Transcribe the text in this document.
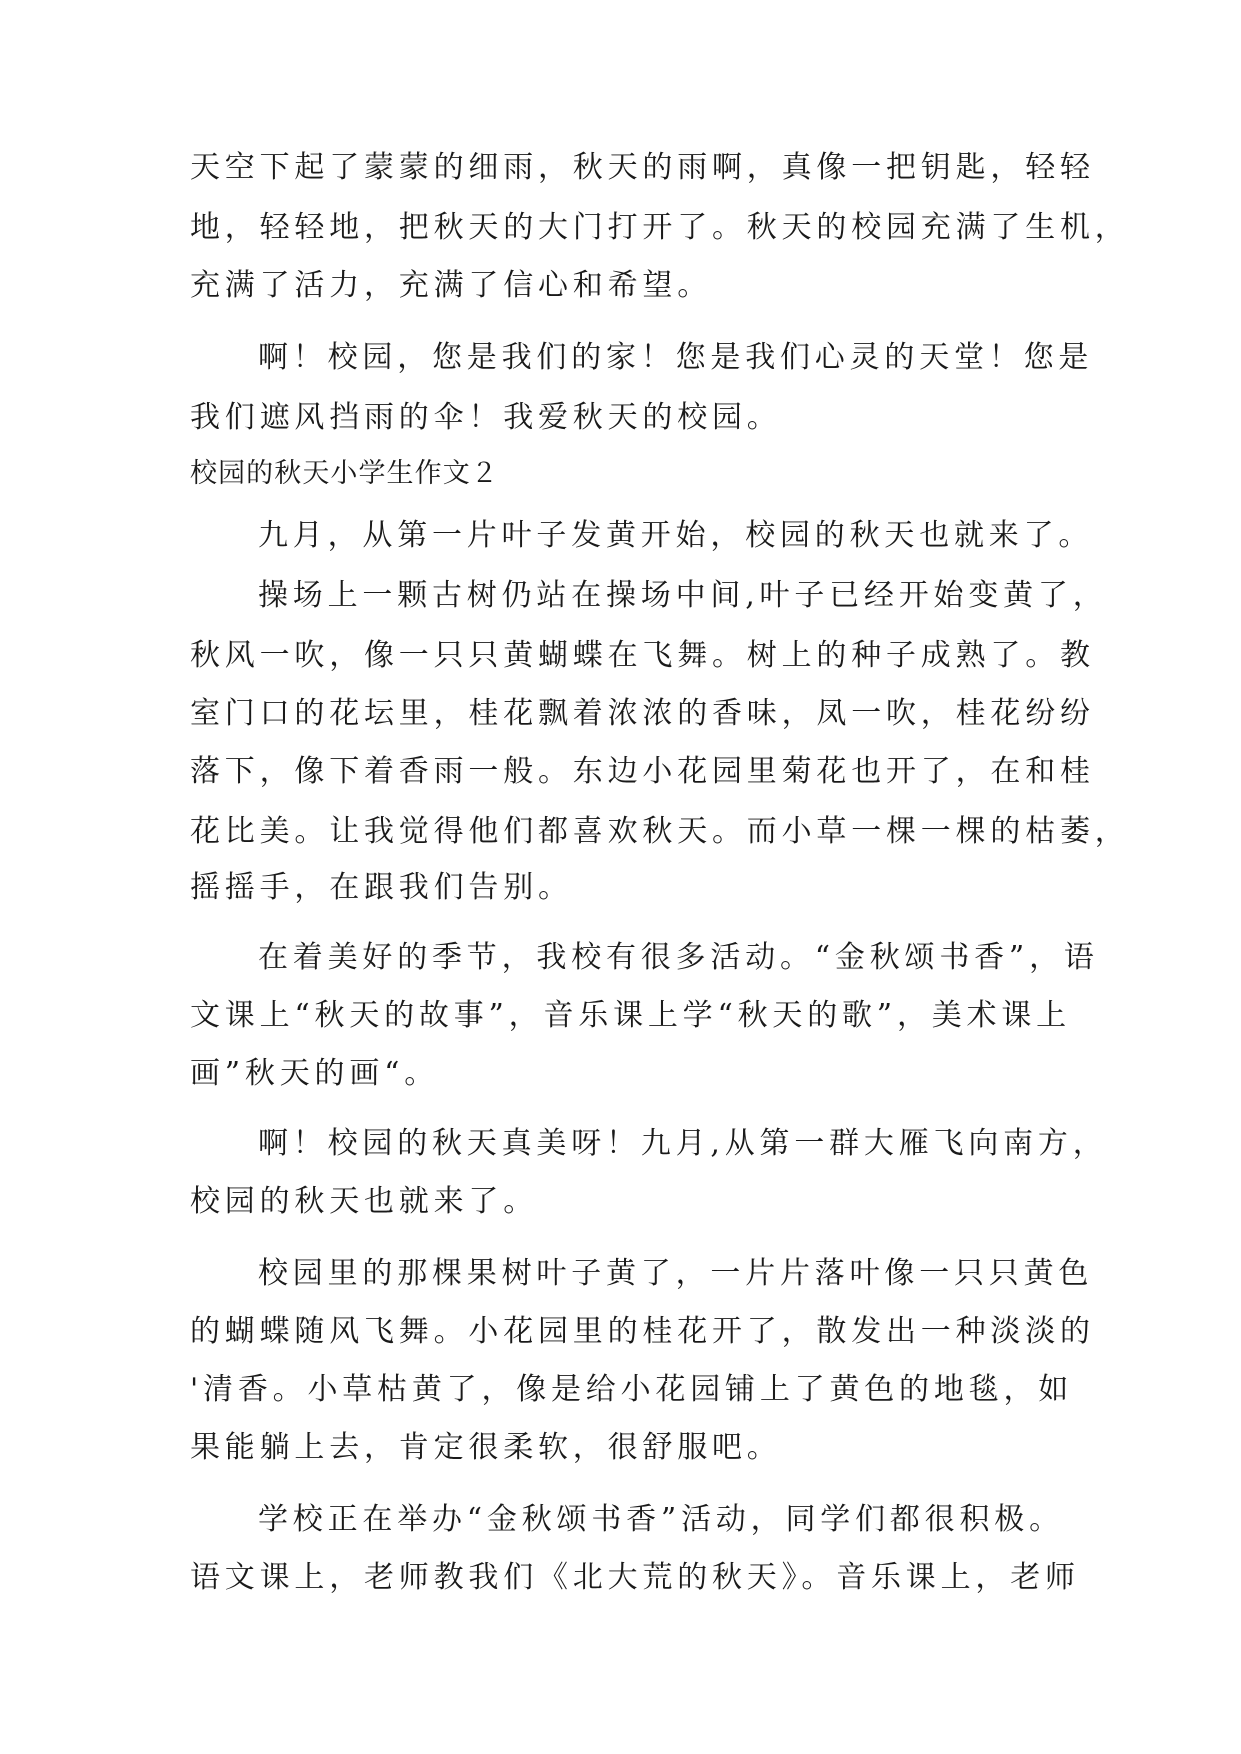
天空下起了蒙蒙的细雨，秋天的雨啊，真像一把钥匙，轻轻
地，轻轻地，把秋天的大门打开了。秋天的校园充满了生机，
充满了活力，充满了信心和希望。
啊！校园，您是我们的家！您是我们心灵的天堂！您是
我们遮风挡雨的伞！我爱秋天的校园。
校园的秋天小学生作文２
九月，从第一片叶子发黄开始，校园的秋天也就来了。
操场上一颗古树仍站在操场中间,叶子已经开始变黄了，
秋风一吹，像一只只黄蝴蝶在飞舞。树上的种子成熟了。教
室门口的花坛里，桂花飘着浓浓的香味，凤一吹，桂花纷纷
落下，像下着香雨一般。东边小花园里菊花也开了，在和桂
花比美。让我觉得他们都喜欢秋天。而小草一棵一棵的枯萎，
摇摇手，在跟我们告别。
在着美好的季节，我校有很多活动。“金秋颂书香”，语
文课上“秋天的故事”，音乐课上学“秋天的歌”，美术课上
画”秋天的画“。
啊！校园的秋天真美呀！九月,从第一群大雁飞向南方，
校园的秋天也就来了。
校园里的那棵果树叶子黄了，一片片落叶像一只只黄色
的蝴蝶随风飞舞。小花园里的桂花开了，散发出一种淡淡的
'清香。小草枯黄了，像是给小花园铺上了黄色的地毯，如
果能躺上去，肯定很柔软，很舒服吧。
学校正在举办“金秋颂书香”活动，同学们都很积极。
语文课上，老师教我们《北大荒的秋天》。音乐课上，老师
